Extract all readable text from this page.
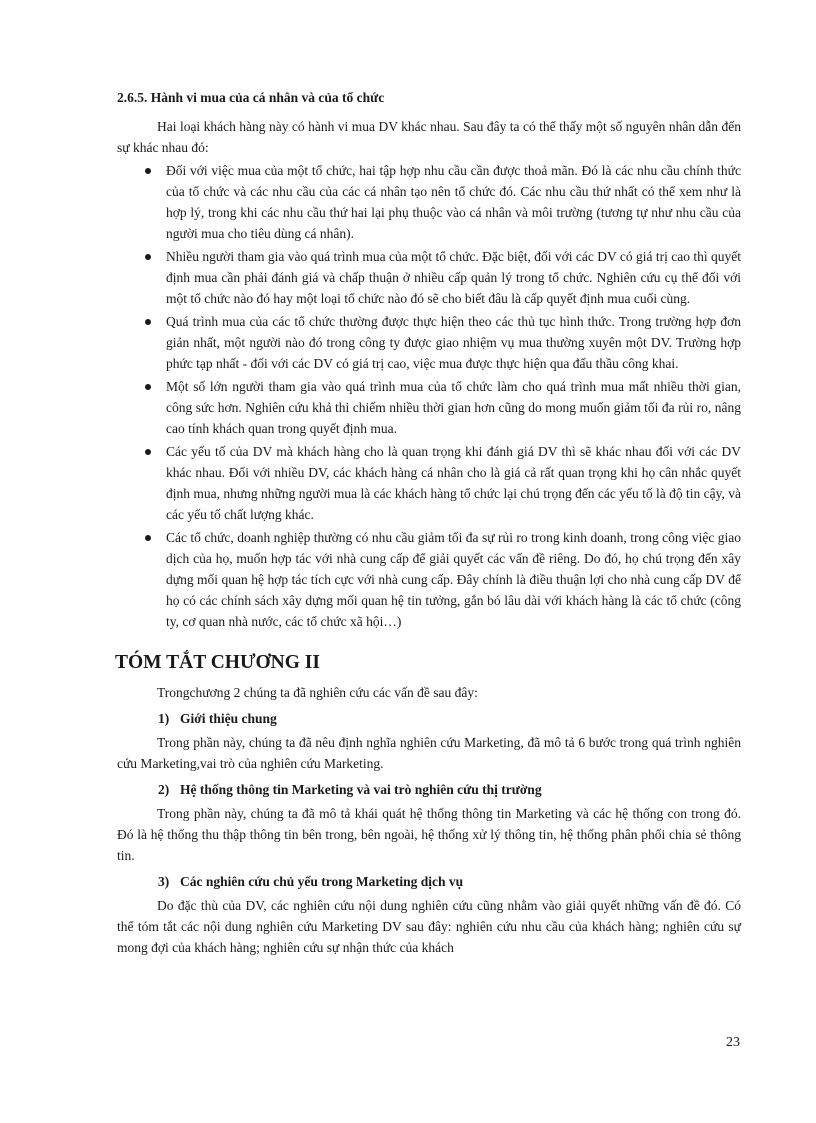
2.6.5. Hành vi mua của cá nhân và của tổ chức

Hai loại khách hàng này có hành vi mua DV khác nhau. Sau đây ta có thể thấy một số nguyên nhân dẫn đến sự khác nhau đó:

Đối với việc mua của một tổ chức, hai tập hợp nhu cầu cần được thoả mãn. Đó là các nhu cầu chính thức của tổ chức và các nhu cầu của các cá nhân tạo nên tổ chức đó. Các nhu cầu thứ nhất có thể xem như là hợp lý, trong khi các nhu cầu thứ hai lại phụ thuộc vào cá nhân và môi trường (tương tự như nhu cầu của người mua cho tiêu dùng cá nhân).
Nhiều người tham gia vào quá trình mua của một tổ chức. Đặc biệt, đối với các DV có giá trị cao thì quyết định mua cần phải đánh giá và chấp thuận ở nhiều cấp quản lý trong tổ chức. Nghiên cứu cụ thể đối với một tổ chức nào đó hay một loại tổ chức nào đó sẽ cho biết đâu là cấp quyết định mua cuối cùng.
Quá trình mua của các tổ chức thường được thực hiện theo các thủ tục hình thức. Trong trường hợp đơn giản nhất, một người nào đó trong công ty được giao nhiệm vụ mua thường xuyên một DV. Trường hợp phức tạp nhất - đối với các DV có giá trị cao, việc mua được thực hiện qua đấu thầu công khai.
Một số lớn người tham gia vào quá trình mua của tổ chức làm cho quá trình mua mất nhiều thời gian, công sức hơn. Nghiên cứu khả thi chiếm nhiều thời gian hơn cũng do mong muốn giảm tối đa rủi ro, nâng cao tính khách quan trong quyết định mua.
Các yếu tố của DV mà khách hàng cho là quan trọng khi đánh giá DV thì sẽ khác nhau đối với các DV khác nhau. Đối với nhiều DV, các khách hàng cá nhân cho là giá cả rất quan trọng khi họ cân nhắc quyết định mua, nhưng những người mua là các khách hàng tổ chức lại chú trọng đến các yếu tố là độ tin cậy, và các yếu tố chất lượng khác.
Các tổ chức, doanh nghiệp thường có nhu cầu giảm tối đa sự rủi ro trong kinh doanh, trong công việc giao dịch của họ, muốn hợp tác với nhà cung cấp để giải quyết các vấn đề riêng. Do đó, họ chú trọng đến xây dựng mối quan hệ hợp tác tích cực với nhà cung cấp. Đây chính là điều thuận lợi cho nhà cung cấp DV để họ có các chính sách xây dựng mối quan hệ tin tưởng, gắn bó lâu dài với khách hàng là các tổ chức (công ty, cơ quan nhà nước, các tổ chức xã hội…)
TÓM TẮT CHƯƠNG II

Trongchương 2 chúng ta đã nghiên cứu các vấn đề sau đây:

1) Giới thiệu chung

Trong phần này, chúng ta đã nêu định nghĩa nghiên cứu Marketing, đã mô tả 6 bước trong quá trình nghiên cứu Marketing,vai trò của nghiên cứu Marketing.

2) Hệ thống thông tin Marketing và vai trò nghiên cứu thị trường

Trong phần này, chúng ta đã mô tả khái quát hệ thống thông tin Marketing và các hệ thống con trong đó. Đó là hệ thống thu thập thông tin bên trong, bên ngoài, hệ thống xử lý thông tin, hệ thống phân phối chia sẻ thông tin.

3) Các nghiên cứu chủ yếu trong Marketing dịch vụ

Do đặc thù của DV, các nghiên cứu nội dung nghiên cứu cũng nhằm vào giải quyết những vấn đề đó. Có thể tóm tắt các nội dung nghiên cứu Marketing DV sau đây: nghiên cứu nhu cầu của khách hàng; nghiên cứu sự mong đợi của khách hàng; nghiên cứu sự nhận thức của khách

23
